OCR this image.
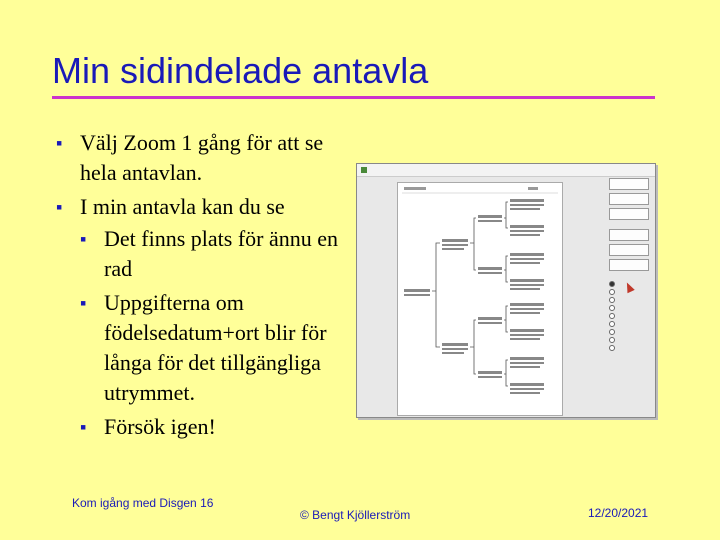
Min sidindelade antavla
▪ Välj Zoom 1 gång för att se hela antavlan.
▪ I min antavla kan du se
▪ Det finns plats för ännu en rad
▪ Uppgifterna om födelsedatum+ort blir för långa för det tillgängliga utrymmet.
▪ Försök igen!
Kom igång med Disgen 16
© Bengt Kjöllerström	12/20/2021
